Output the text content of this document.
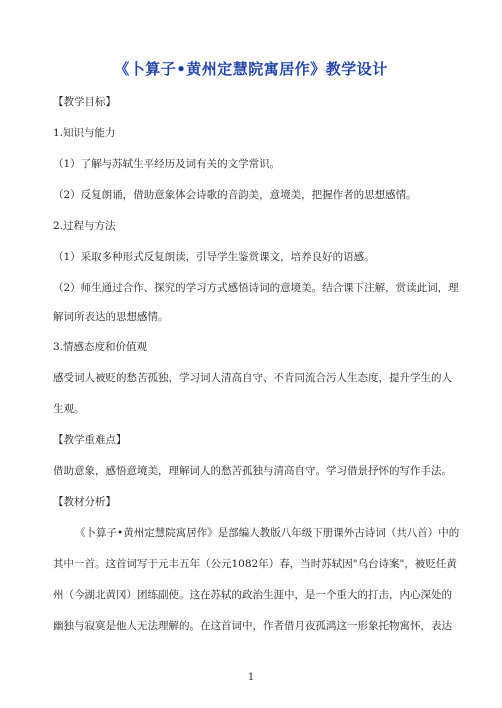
《卜算子•黄州定慧院寓居作》教学设计
【教学目标】
1.知识与能力
（1）了解与苏轼生平经历及词有关的文学常识。
（2）反复朗诵，借助意象体会诗歌的音韵美，意境美，把握作者的思想感情。
2.过程与方法
（1）采取多种形式反复朗读，引导学生鉴赏课文，培养良好的语感。
（2）师生通过合作、探究的学习方式感悟诗词的意境美。结合课下注解，赏读此词，理
解词所表达的思想感情。
3.情感态度和价值观
感受词人被贬的愁苦孤独，学习词人清高自守、不肯同流合污人生态度，提升学生的人
生观。
【教学重难点】
借助意象，感悟意境美，理解词人的愁苦孤独与清高自守。学习借景抒怀的写作手法。
【教材分析】
《卜算子•黄州定慧院寓居作》是部编人教版八年级下册课外古诗词（共八首）中的
其中一首。这首词写于元丰五年（公元1082年）春，当时苏轼因"乌台诗案"，被贬任黄
州（今湖北黄冈）团练副使。这在苏轼的政治生涯中，是一个重大的打击，内心深处的
幽独与寂寞是他人无法理解的。在这首词中，作者借月夜孤鸿这一形象托物寓怀，表达
1
